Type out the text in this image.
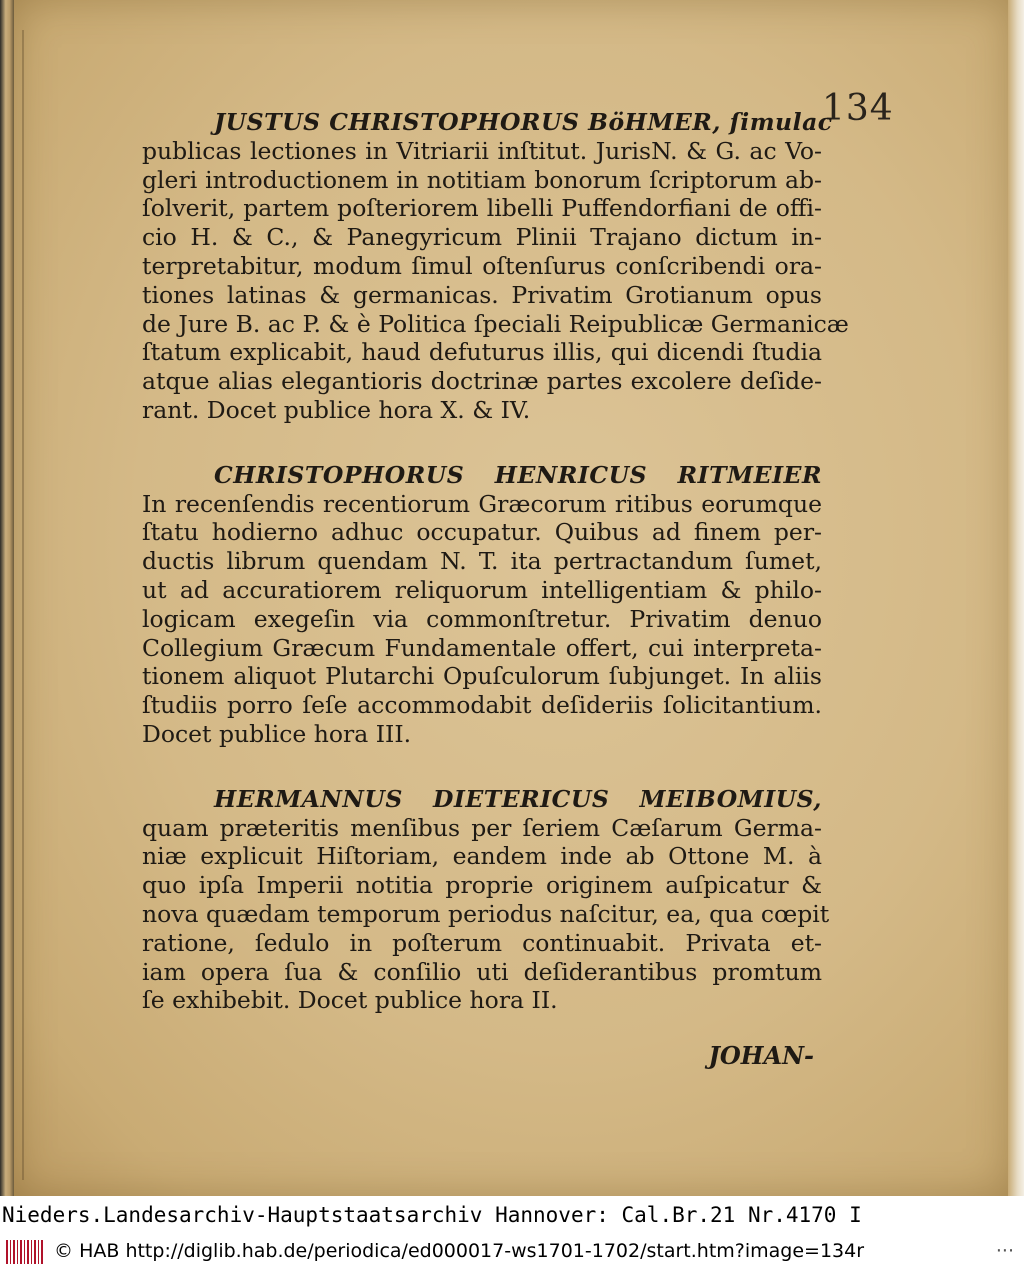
134
JUSTUS CHRISTOPHORUS BöHMER, ſimulac
publicas lectiones in Vitriarii inſtitut. JurisN. & G. ac Vo-
gleri introductionem in notitiam bonorum ſcriptorum ab-
ſolverit, partem poſteriorem libelli Puffendorfiani de offi-
cio H. & C., & Panegyricum Plinii Trajano dictum in-
terpretabitur, modum ſimul oſtenſurus conſcribendi ora-
tiones latinas & germanicas. Privatim Grotianum opus
de Jure B. ac P. & è Politica ſpeciali Reipublicæ Germanicæ
ſtatum explicabit, haud defuturus illis, qui dicendi ſtudia
atque alias elegantioris doctrinæ partes excolere deſide-
rant. Docet publice hora X. & IV.
CHRISTOPHORUS HENRICUS RITMEIER
In recenſendis recentiorum Græcorum ritibus eorumque
ſtatu hodierno adhuc occupatur. Quibus ad finem per-
ductis librum quendam N. T. ita pertractandum ſumet,
ut ad accuratiorem reliquorum intelligentiam & philo-
logicam exegeſin via commonſtretur. Privatim denuo
Collegium Græcum Fundamentale offert, cui interpreta-
tionem aliquot Plutarchi Opuſculorum ſubjunget. In aliis
ſtudiis porro ſeſe accommodabit deſideriis ſolicitantium.
Docet publice hora III.
HERMANNUS DIETERICUS MEIBOMIUS,
quam præteritis menſibus per ſeriem Cæſarum Germa-
niæ explicuit Hiſtoriam, eandem inde ab Ottone M. à
quo ipſa Imperii notitia proprie originem auſpicatur &
nova quædam temporum periodus naſcitur, ea, qua cœpit
ratione, ſedulo in poſterum continuabit. Privata et-
iam opera ſua & conſilio uti deſiderantibus promtum
ſe exhibebit. Docet publice hora II.
JOHAN-
Nieders.Landesarchiv-Hauptstaatsarchiv Hannover: Cal.Br.21 Nr.4170 I
© HAB http://diglib.hab.de/periodica/ed000017-ws1701-1702/start.htm?image=134r	···
